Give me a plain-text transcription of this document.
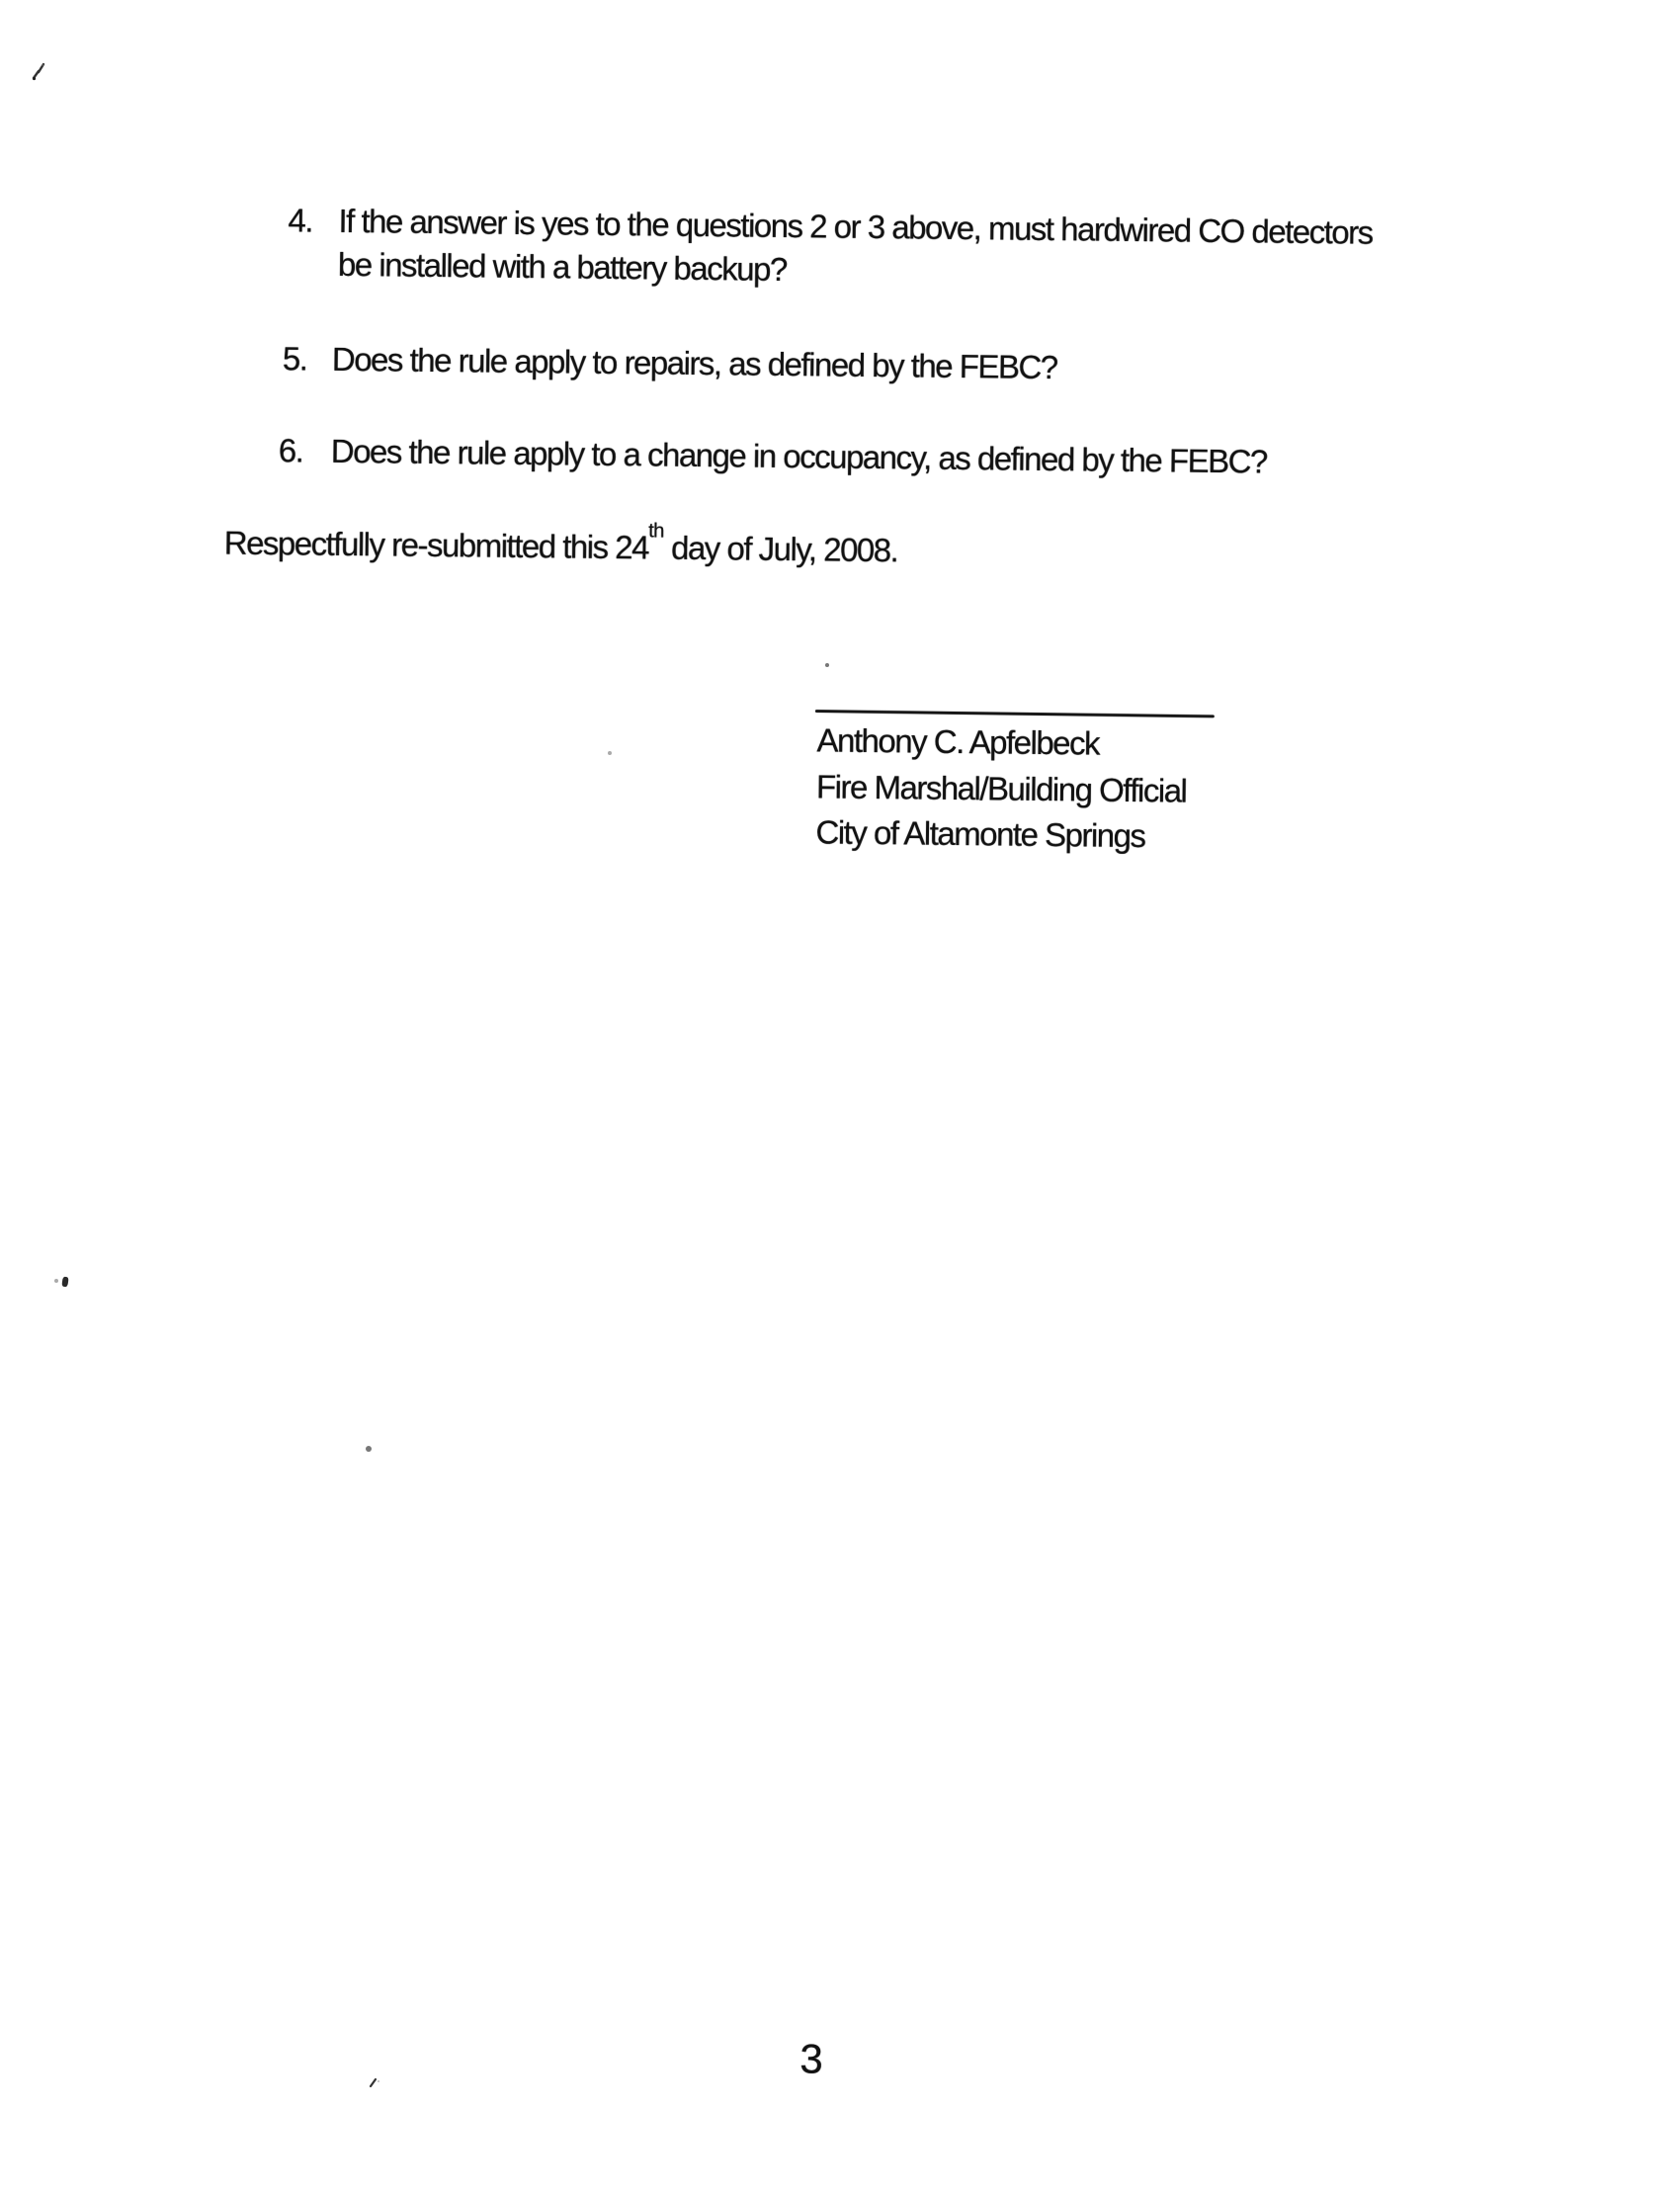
4. If the answer is yes to the questions 2 or 3 above, must hardwired CO detectors
be installed with a battery backup?
5. Does the rule apply to repairs, as defined by the FEBC?
6. Does the rule apply to a change in occupancy, as defined by the FEBC?
Respectfully re-submitted this 24th day of July, 2008.
Anthony C. Apfelbeck
Fire Marshal/Building Official
City of Altamonte Springs
3
